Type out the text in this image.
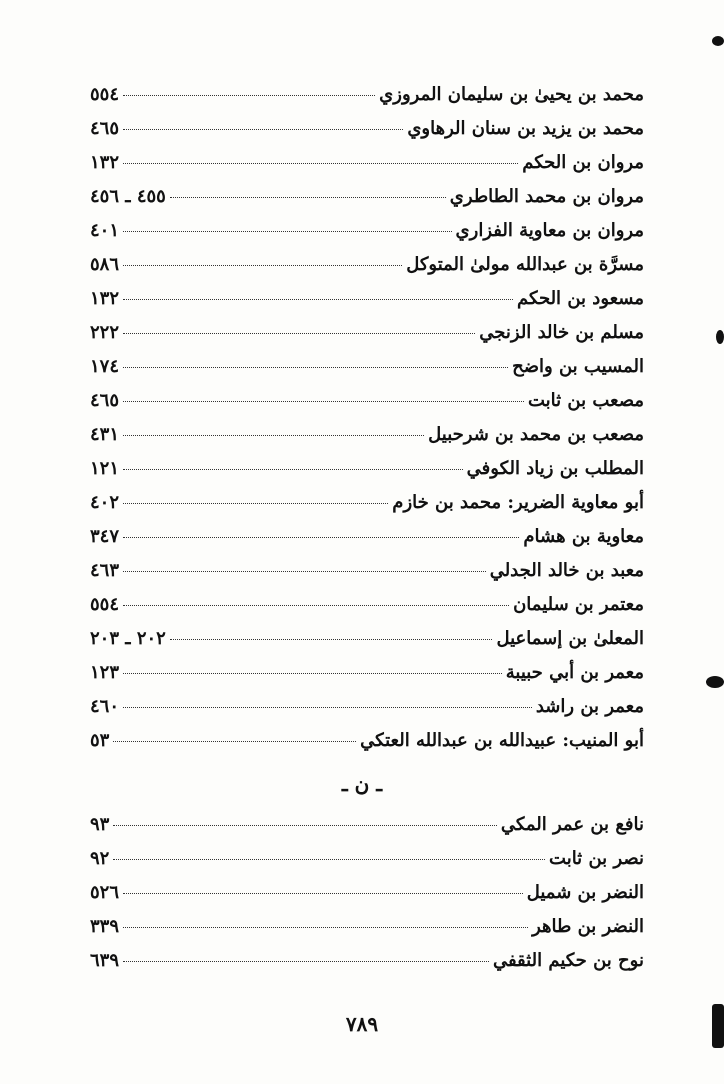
محمد بن يحيىٰ بن سليمان المروزي
٥٥٤
محمد بن يزيد بن سنان الرهاوي
٤٦٥
مروان بن الحكم
١٣٢
مروان بن محمد الطاطري
٤٥٥ ـ ٤٥٦
مروان بن معاوية الفزاري
٤٠١
مسرَّة بن عبدالله مولىٰ المتوكل
٥٨٦
مسعود بن الحكم
١٣٢
مسلم بن خالد الزنجي
٢٢٢
المسيب بن واضح
١٧٤
مصعب بن ثابت
٤٦٥
مصعب بن محمد بن شرحبيل
٤٣١
المطلب بن زياد الكوفي
١٢١
أبو معاوية الضرير: محمد بن خازم
٤٠٢
معاوية بن هشام
٣٤٧
معبد بن خالد الجدلي
٤٦٣
معتمر بن سليمان
٥٥٤
المعلىٰ بن إسماعيل
٢٠٢ ـ ٢٠٣
معمر بن أبي حبيبة
١٢٣
معمر بن راشد
٤٦٠
أبو المنيب: عبيدالله بن عبدالله العتكي
٥٣
ـ ن ـ
نافع بن عمر المكي
٩٣
نصر بن ثابت
٩٢
النضر بن شميل
٥٢٦
النضر بن طاهر
٣٣٩
نوح بن حكيم الثقفي
٦٣٩
٧٨٩
